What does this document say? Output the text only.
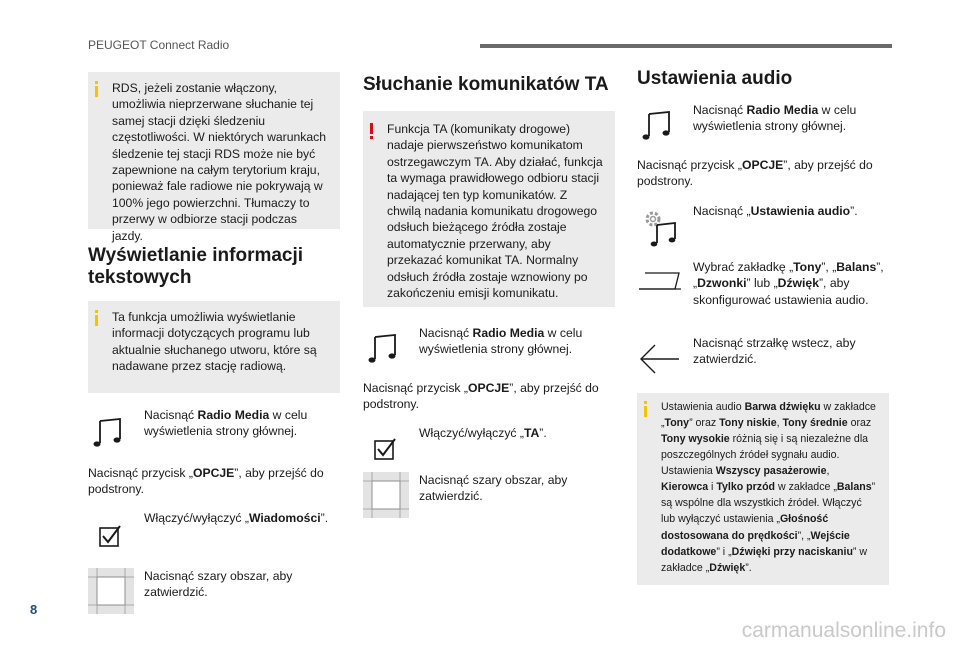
PEUGEOT Connect Radio

RDS, jeżeli zostanie włączony, umożliwia nieprzerwane słuchanie tej samej stacji dzięki śledzeniu częstotliwości. W niektórych warunkach śledzenie tej stacji RDS może nie być zapewnione na całym terytorium kraju, ponieważ fale radiowe nie pokrywają w 100% jego powierzchni. Tłumaczy to przerwy w odbiorze stacji podczas jazdy.

Wyświetlanie informacji tekstowych

Ta funkcja umożliwia wyświetlanie informacji dotyczących programu lub aktualnie słuchanego utworu, które są nadawane przez stację radiową.

Nacisnąć Radio Media w celu wyświetlenia strony głównej.

Nacisnąć przycisk „OPCJE”, aby przejść do podstrony.

Włączyć/wyłączyć „Wiadomości”.
Nacisnąć szary obszar, aby zatwierdzić.
Słuchanie komunikatów TA

Funkcja TA (komunikaty drogowe) nadaje pierwszeństwo komunikatom ostrzegawczym TA. Aby działać, funkcja ta wymaga prawidłowego odbioru stacji nadającej ten typ komunikatów. Z chwilą nadania komunikatu drogowego odsłuch bieżącego źródła zostaje automatycznie przerwany, aby przekazać komunikat TA. Normalny odsłuch źródła zostaje wznowiony po zakończeniu emisji komunikatu.

Nacisnąć Radio Media w celu wyświetlenia strony głównej.

Nacisnąć przycisk „OPCJE”, aby przejść do podstrony.

Włączyć/wyłączyć „TA”.
Nacisnąć szary obszar, aby zatwierdzić.
Ustawienia audio
Nacisnąć Radio Media w celu wyświetlenia strony głównej.

Nacisnąć przycisk „OPCJE”, aby przejść do podstrony.

Nacisnąć „Ustawienia audio”.
Wybrać zakładkę „Tony”, „Balans”, „Dzwonki” lub „Dźwięk”, aby skonfigurować ustawienia audio.
Nacisnąć strzałkę wstecz, aby zatwierdzić.
Ustawienia audio Barwa dźwięku w zakładce „Tony” oraz Tony niskie, Tony średnie oraz Tony wysokie różnią się i są niezależne dla poszczególnych źródeł sygnału audio. Ustawienia Wszyscy pasażerowie, Kierowca i Tylko przód w zakładce „Balans” są wspólne dla wszystkich źródeł. Włączyć lub wyłączyć ustawienia „Głośność dostosowana do prędkości”, „Wejście dodatkowe” i „Dźwięki przy naciskaniu” w zakładce „Dźwięk”.
8
carmanualsonline.info
